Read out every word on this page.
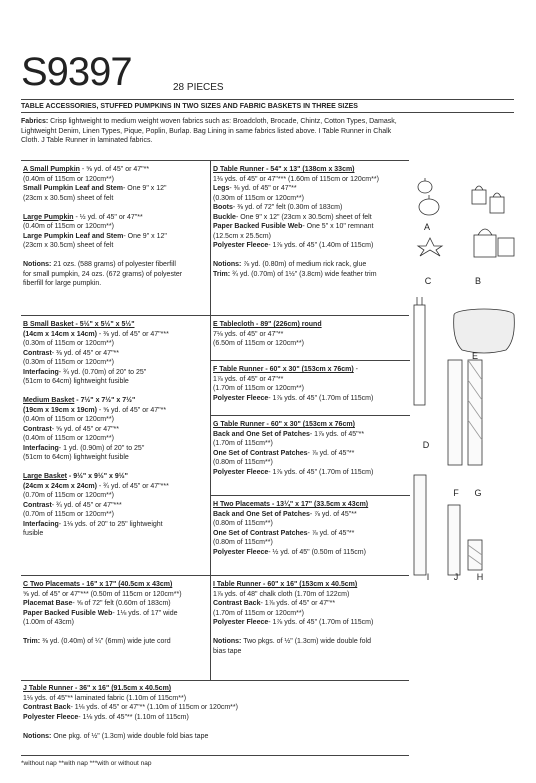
S9397	28 PIECES
TABLE ACCESSORIES, STUFFED PUMPKINS IN TWO SIZES AND FABRIC BASKETS IN THREE SIZES
Fabrics: Crisp lightweight to medium weight woven fabrics such as: Broadcloth, Brocade, Chintz, Cotton Types, Damask, Lightweight Denim, Linen Types, Pique, Poplin, Burlap. Bag Lining in same fabrics listed above. I Table Runner in Chalk Cloth. J Table Runner in laminated fabrics.
A Small Pumpkin - ⅝ yd. of 45" or 47"**
(0.40m of 115cm or 120cm**)
Small Pumpkin Leaf and Stem- One 9" x 12"
(23cm x 30.5cm) sheet of felt

Large Pumpkin - ½ yd. of 45" or 47"**
(0.40m of 115cm or 120cm**)
Large Pumpkin Leaf and Stem- One 9" x 12"
(23cm x 30.5cm) sheet of felt

Notions: 21 ozs. (588 grams) of polyester fiberfill
for small pumpkin, 24 ozs. (672 grams) of polyester
fiberfill for large pumpkin.
D Table Runner - 54" x 13" (138cm x 33cm)
1⅜ yds. of 45" or 47"*** (1.60m of 115cm or 120cm**)
Legs- ⅜ yd. of 45" or 47"**
(0.30m of 115cm or 120cm**)
Boots- ⅜ yd. of 72" felt (0.30m of 183cm)
Buckle- One 9" x 12" (23cm x 30.5cm) sheet of felt
Paper Backed Fusible Web- One 5" x 10" remnant
(12.5cm x 25.5cm)
Polyester Fleece- 1⅞ yds. of 45" (1.40m of 115cm)

Notions: ⅞ yd. (0.80m) of medium rick rack, glue
Trim: ¾ yd. (0.70m) of 1½" (3.8cm) wide feather trim
B Small Basket - 5½" x 5½" x 5½"
(14cm x 14cm x 14cm) - ⅜ yd. of 45" or 47"***
(0.30m of 115cm or 120cm**)
Contrast- ⅜ yd. of 45" or 47"**
(0.30m of 115cm or 120cm**)
Interfacing- ¾ yd. (0.70m) of 20" to 25"
(51cm to 64cm) lightweight fusible

Medium Basket - 7½" x 7½" x 7½"
(19cm x 19cm x 19cm) - ⅝ yd. of 45" or 47"**
(0.40m of 115cm or 120cm**)
Contrast- ⅝ yd. of 45" or 47"**
(0.40m of 115cm or 120cm**)
Interfacing- 1 yd. (0.90m) of 20" to 25"
(51cm to 64cm) lightweight fusible

Large Basket - 9½" x 9½" x 9½"
(24cm x 24cm x 24cm) - ¾ yd. of 45" or 47"***
(0.70m of 115cm or 120cm**)
Contrast- ¾ yd. of 45" or 47"***
(0.70m of 115cm or 120cm**)
Interfacing- 1⅛ yds. of 20" to 25" lightweight
fusible
E Tablecloth - 89" (226cm) round
7⅛ yds. of 45" or 47"**
(6.50m of 115cm or 120cm**)
F Table Runner - 60" x 30" (153cm x 76cm) -
1⅞ yds. of 45" or 47"**
(1.70m of 115cm or 120cm**)
Polyester Fleece- 1⅞ yds. of 45" (1.70m of 115cm)
G Table Runner - 60" x 30" (153cm x 76cm)
Back and One Set of Patches- 1⅞ yds. of 45"**
(1.70m of 115cm**)
One Set of Contrast Patches- ⅞ yd. of 45"**
(0.80m of 115cm**)
Polyester Fleece- 1⅞ yds. of 45" (1.70m of 115cm)
H Two Placemats - 13¼" x 17" (33.5cm x 43cm)
Back and One Set of Patches- ⅞ yd. of 45"**
(0.80m of 115cm**)
One Set of Contrast Patches- ⅞ yd. of 45"**
(0.80m of 115cm**)
Polyester Fleece- ½ yd. of 45" (0.50m of 115cm)
C Two Placemats - 16" x 17" (40.5cm x 43cm)
⅝ yd. of 45" or 47"*** (0.50m of 115cm or 120cm**)
Placemat Base- ⅝ of 72" felt (0.60m of 183cm)
Paper Backed Fusible Web- 1⅛ yds. of 17" wide
(1.00m of 43cm)

Trim: ⅜ yd. (0.40m) of ¼" (6mm) wide jute cord
I Table Runner - 60" x 16" (153cm x 40.5cm)
1⅞ yds. of 48" chalk cloth (1.70m of 122cm)
Contrast Back- 1⅞ yds. of 45" or 47"**
(1.70m of 115cm or 120cm**)
Polyester Fleece- 1⅞ yds. of 45" (1.70m of 115cm)

Notions: Two pkgs. of ½" (1.3cm) wide double fold
bias tape
J Table Runner - 36" x 16" (91.5cm x 40.5cm)
1⅛ yds. of 45"** laminated fabric (1.10m of 115cm**)
Contrast Back- 1⅛ yds. of 45" or 47"** (1.10m of 115cm or 120cm**)
Polyester Fleece- 1⅛ yds. of 45"** (1.10m of 115cm)

Notions: One pkg. of ½" (1.3cm) wide double fold bias tape
*without nap **with nap ***with or without nap
A
B
C
D
E
F	G
H
I	J
